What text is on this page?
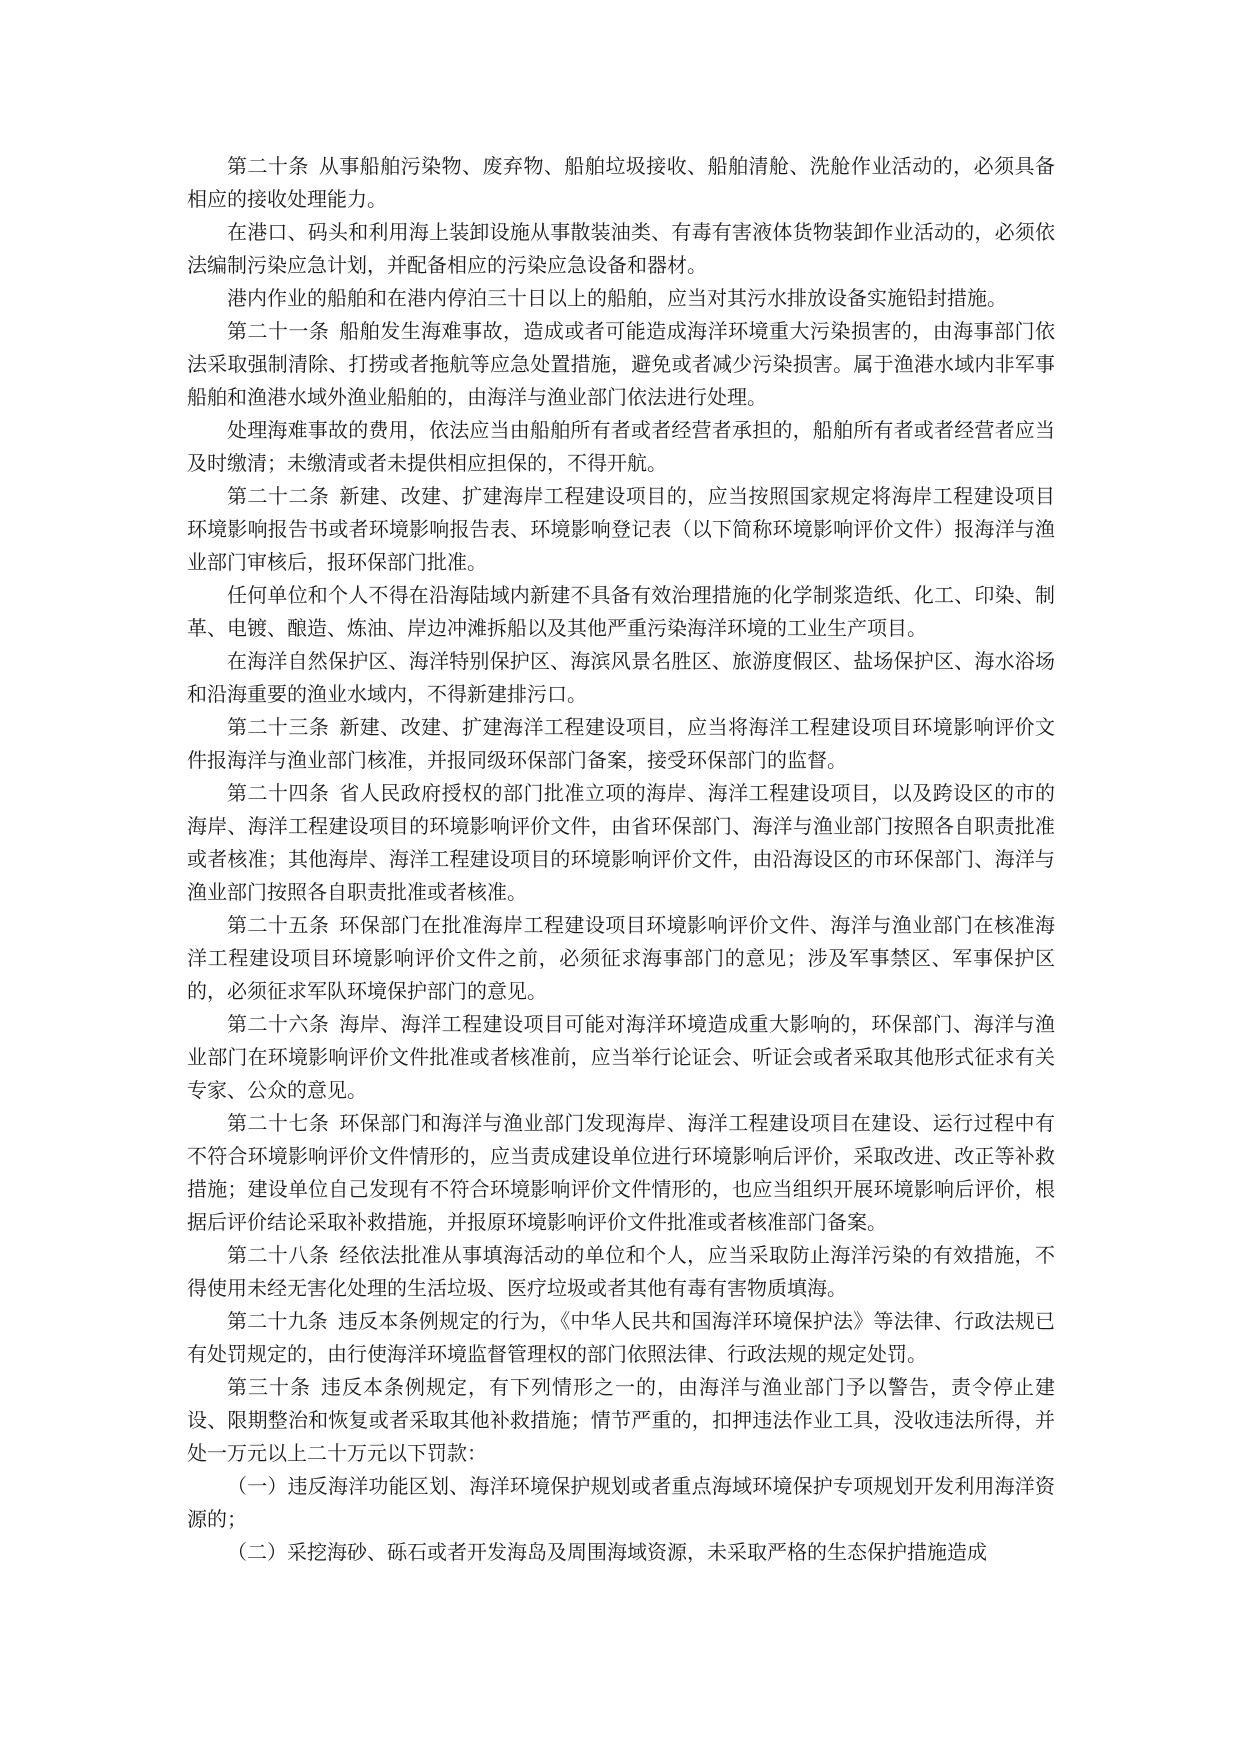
第二十条 从事船舶污染物、废弃物、船舶垃圾接收、船舶清舱、洗舱作业活动的，必须具备相应的接收处理能力。

在港口、码头和利用海上装卸设施从事散装油类、有毒有害液体货物装卸作业活动的，必须依法编制污染应急计划，并配备相应的污染应急设备和器材。

港内作业的船舶和在港内停泊三十日以上的船舶，应当对其污水排放设备实施铅封措施。

第二十一条 船舶发生海难事故，造成或者可能造成海洋环境重大污染损害的，由海事部门依法采取强制清除、打捞或者拖航等应急处置措施，避免或者减少污染损害。属于渔港水域内非军事船舶和渔港水域外渔业船舶的，由海洋与渔业部门依法进行处理。

处理海难事故的费用，依法应当由船舶所有者或者经营者承担的，船舶所有者或者经营者应当及时缴清；未缴清或者未提供相应担保的，不得开航。

第二十二条 新建、改建、扩建海岸工程建设项目的，应当按照国家规定将海岸工程建设项目环境影响报告书或者环境影响报告表、环境影响登记表（以下简称环境影响评价文件）报海洋与渔业部门审核后，报环保部门批准。

任何单位和个人不得在沿海陆域内新建不具备有效治理措施的化学制浆造纸、化工、印染、制革、电镀、酿造、炼油、岸边冲滩拆船以及其他严重污染海洋环境的工业生产项目。

在海洋自然保护区、海洋特别保护区、海滨风景名胜区、旅游度假区、盐场保护区、海水浴场和沿海重要的渔业水域内，不得新建排污口。

第二十三条 新建、改建、扩建海洋工程建设项目，应当将海洋工程建设项目环境影响评价文件报海洋与渔业部门核准，并报同级环保部门备案，接受环保部门的监督。

第二十四条 省人民政府授权的部门批准立项的海岸、海洋工程建设项目，以及跨设区的市的海岸、海洋工程建设项目的环境影响评价文件，由省环保部门、海洋与渔业部门按照各自职责批准或者核准；其他海岸、海洋工程建设项目的环境影响评价文件，由沿海设区的市环保部门、海洋与渔业部门按照各自职责批准或者核准。

第二十五条 环保部门在批准海岸工程建设项目环境影响评价文件、海洋与渔业部门在核准海洋工程建设项目环境影响评价文件之前，必须征求海事部门的意见；涉及军事禁区、军事保护区的，必须征求军队环境保护部门的意见。

第二十六条 海岸、海洋工程建设项目可能对海洋环境造成重大影响的，环保部门、海洋与渔业部门在环境影响评价文件批准或者核准前，应当举行论证会、听证会或者采取其他形式征求有关专家、公众的意见。

第二十七条 环保部门和海洋与渔业部门发现海岸、海洋工程建设项目在建设、运行过程中有不符合环境影响评价文件情形的，应当责成建设单位进行环境影响后评价，采取改进、改正等补救措施；建设单位自己发现有不符合环境影响评价文件情形的，也应当组织开展环境影响后评价，根据后评价结论采取补救措施，并报原环境影响评价文件批准或者核准部门备案。

第二十八条 经依法批准从事填海活动的单位和个人，应当采取防止海洋污染的有效措施，不得使用未经无害化处理的生活垃圾、医疗垃圾或者其他有毒有害物质填海。

第二十九条 违反本条例规定的行为，《中华人民共和国海洋环境保护法》等法律、行政法规已有处罚规定的，由行使海洋环境监督管理权的部门依照法律、行政法规的规定处罚。

第三十条 违反本条例规定，有下列情形之一的，由海洋与渔业部门予以警告，责令停止建设、限期整治和恢复或者采取其他补救措施；情节严重的，扣押违法作业工具，没收违法所得，并处一万元以上二十万元以下罚款：

（一）违反海洋功能区划、海洋环境保护规划或者重点海域环境保护专项规划开发利用海洋资源的；

（二）采挖海砂、砾石或者开发海岛及周围海域资源，未采取严格的生态保护措施造成
